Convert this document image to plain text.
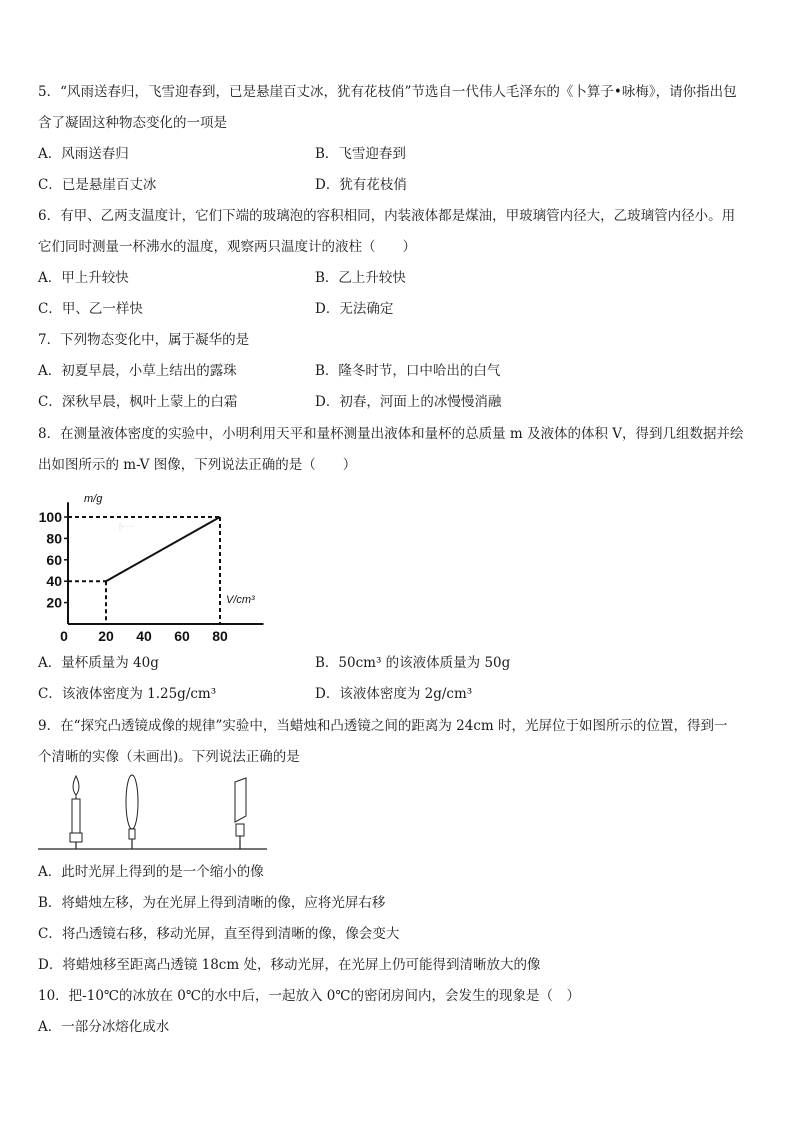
5．“风雨送春归，飞雪迎春到，已是悬崖百丈冰，犹有花枝俏”节选自一代伟人毛泽东的《卜算子•咏梅》，请你指出包
含了凝固这种物态变化的一项是
A．风雨送春归	B．飞雪迎春到
C．已是悬崖百丈冰	D．犹有花枝俏
6．有甲、乙两支温度计，它们下端的玻璃泡的容积相同，内装液体都是煤油，甲玻璃管内径大，乙玻璃管内径小。用
它们同时测量一杯沸水的温度，观察两只温度计的液柱（　　）
A．甲上升较快	B．乙上升较快
C．甲、乙一样快	D．无法确定
7．下列物态变化中，属于凝华的是
A．初夏早晨，小草上结出的露珠	B．隆冬时节，口中哈出的白气
C．深秋早晨，枫叶上蒙上的白霜	D．初春，河面上的冰慢慢消融
8．在测量液体密度的实验中，小明利用天平和量杯测量出液体和量杯的总质量 m 及液体的体积 V，得到几组数据并绘
出如图所示的 m-V 图像，下列说法正确的是（　　）
卜一
20
40
60
80
100
0 20 40 60 80
m/g
V/cm³
A．量杯质量为 40g	B．50cm³ 的该液体质量为 50g
C．该液体密度为 1.25g/cm³	D．该液体密度为 2g/cm³
9．在“探究凸透镜成像的规律”实验中，当蜡烛和凸透镜之间的距离为 24cm 时，光屏位于如图所示的位置，得到一
个清晰的实像（未画出)。下列说法正确的是
A．此时光屏上得到的是一个缩小的像
B．将蜡烛左移，为在光屏上得到清晰的像，应将光屏右移
C．将凸透镜右移，移动光屏，直至得到清晰的像，像会变大
D．将蜡烛移至距离凸透镜 18cm 处，移动光屏，在光屏上仍可能得到清晰放大的像
10．把-10℃的冰放在 0℃的水中后，一起放入 0℃的密闭房间内，会发生的现象是（　）
A．一部分冰熔化成水
